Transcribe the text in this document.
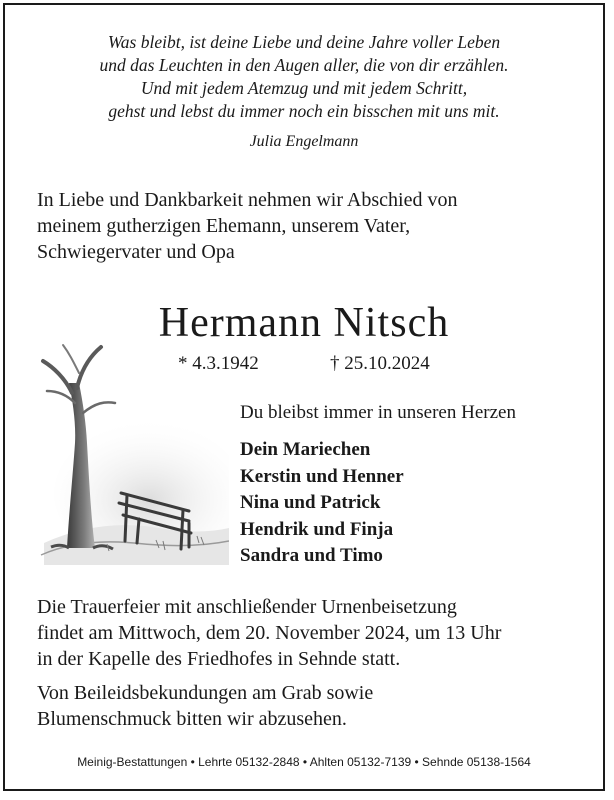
Was bleibt, ist deine Liebe und deine Jahre voller Leben
und das Leuchten in den Augen aller, die von dir erzählen.
Und mit jedem Atemzug und mit jedem Schritt,
gehst und lebst du immer noch ein bisschen mit uns mit.
Julia Engelmann
In Liebe und Dankbarkeit nehmen wir Abschied von
meinem gutherzigen Ehemann, unserem Vater,
Schwiegervater und Opa
Hermann Nitsch
* 4.3.1942	† 25.10.2024
Du bleibst immer in unseren Herzen
Dein Mariechen
Kerstin und Henner
Nina und Patrick
Hendrik und Finja
Sandra und Timo
Die Trauerfeier mit anschließender Urnenbeisetzung
findet am Mittwoch, dem 20. November 2024, um 13 Uhr
in der Kapelle des Friedhofes in Sehnde statt.
Von Beileidsbekundungen am Grab sowie
Blumenschmuck bitten wir abzusehen.
Meinig-Bestattungen • Lehrte 05132-2848 • Ahlten 05132-7139 • Sehnde 05138-1564
